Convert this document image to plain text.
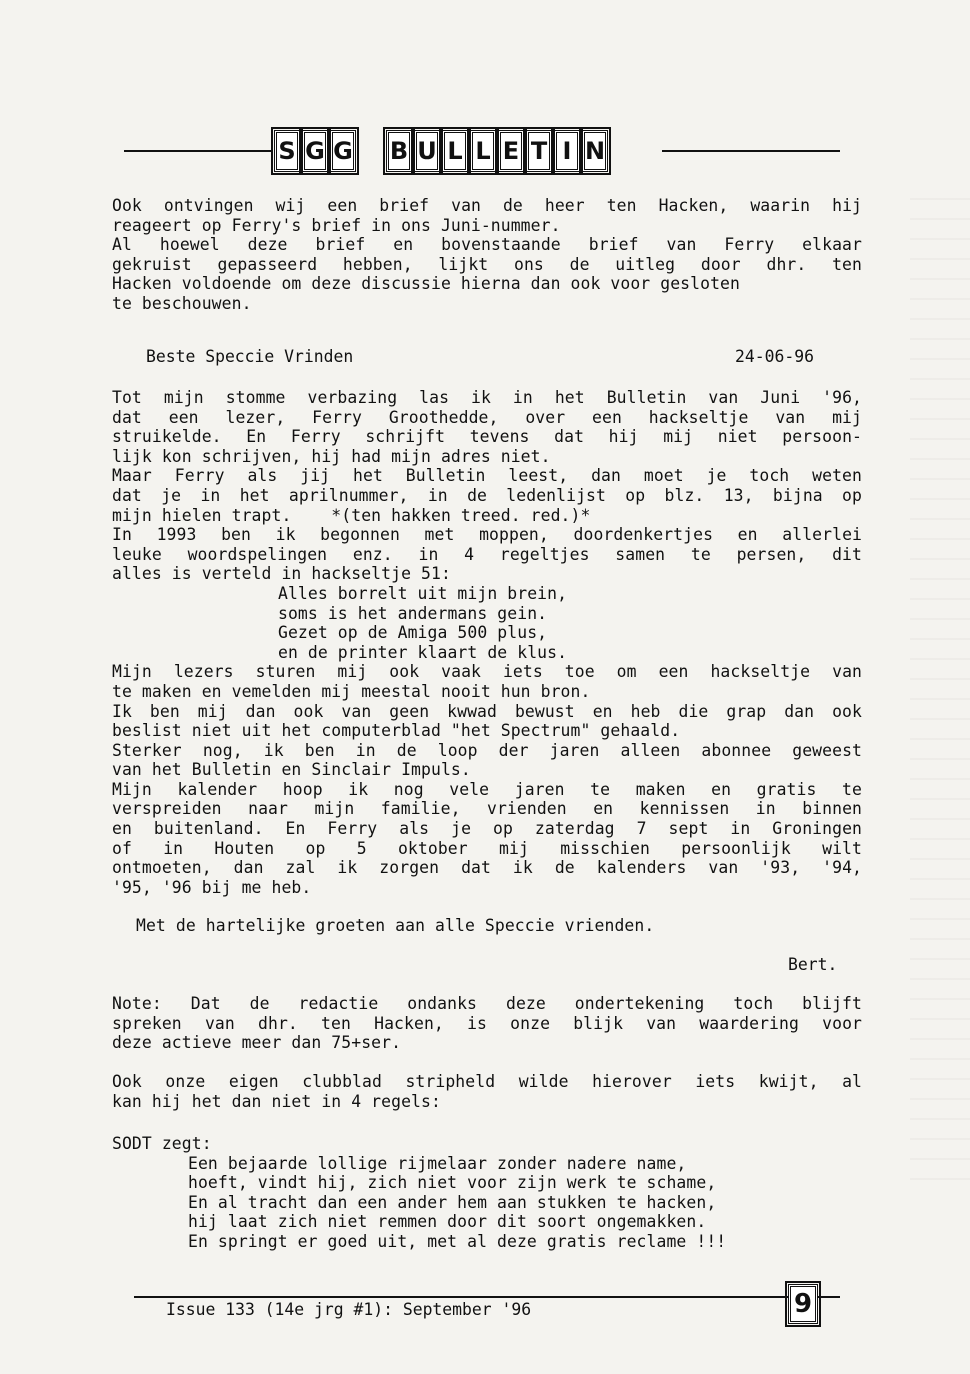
S G G B U L L E T I N
Ook ontvingen wij een brief van de heer ten Hacken, waarin hij
reageert op Ferry's brief in ons Juni-nummer.
Al hoewel deze brief en bovenstaande brief van Ferry elkaar
gekruist gepasseerd hebben, lijkt ons de uitleg door dhr. ten
Hacken voldoende om deze discussie hierna dan ook voor gesloten
te beschouwen.
Beste Speccie Vrinden	24-06-96
Tot mijn stomme verbazing las ik in het Bulletin van Juni '96,
dat een lezer, Ferry Groothedde, over een hackseltje van mij
struikelde. En Ferry schrijft tevens dat hij mij niet persoon-
lijk kon schrijven, hij had mijn adres niet.
Maar Ferry als jij het Bulletin leest, dan moet je toch weten
dat je in het aprilnummer, in de ledenlijst op blz. 13, bijna op
mijn hielen trapt.    *(ten hakken treed. red.)*
In 1993 ben ik begonnen met moppen, doordenkertjes en allerlei
leuke woordspelingen enz. in 4 regeltjes samen te persen, dit
alles is verteld in hackseltje 51:
Alles borrelt uit mijn brein,
soms is het andermans gein.
Gezet op de Amiga 500 plus,
en de printer klaart de klus.
Mijn lezers sturen mij ook vaak iets toe om een hackseltje van
te maken en vemelden mij meestal nooit hun bron.
Ik ben mij dan ook van geen kwwad bewust en heb die grap dan ook
beslist niet uit het computerblad "het Spectrum" gehaald.
Sterker nog, ik ben in de loop der jaren alleen abonnee geweest
van het Bulletin en Sinclair Impuls.
Mijn kalender hoop ik nog vele jaren te maken en gratis te
verspreiden naar mijn familie, vrienden en kennissen in binnen
en buitenland. En Ferry als je op zaterdag 7 sept in Groningen
of in Houten op 5 oktober mij misschien persoonlijk wilt
ontmoeten, dan zal ik zorgen dat ik de kalenders van '93, '94,
'95, '96 bij me heb.
Met de hartelijke groeten aan alle Speccie vrienden.
Bert.
Note: Dat de redactie ondanks deze ondertekening toch blijft
spreken van dhr. ten Hacken, is onze blijk van waardering voor
deze actieve meer dan 75+ser.
Ook onze eigen clubblad stripheld wilde hierover iets kwijt, al
kan hij het dan niet in 4 regels:
SODT zegt:
Een bejaarde lollige rijmelaar zonder nadere name,
hoeft, vindt hij, zich niet voor zijn werk te schame,
En al tracht dan een ander hem aan stukken te hacken,
hij laat zich niet remmen door dit soort ongemakken.
En springt er goed uit, met al deze gratis reclame !!!
Issue 133 (14e jrg #1): September '96	9
